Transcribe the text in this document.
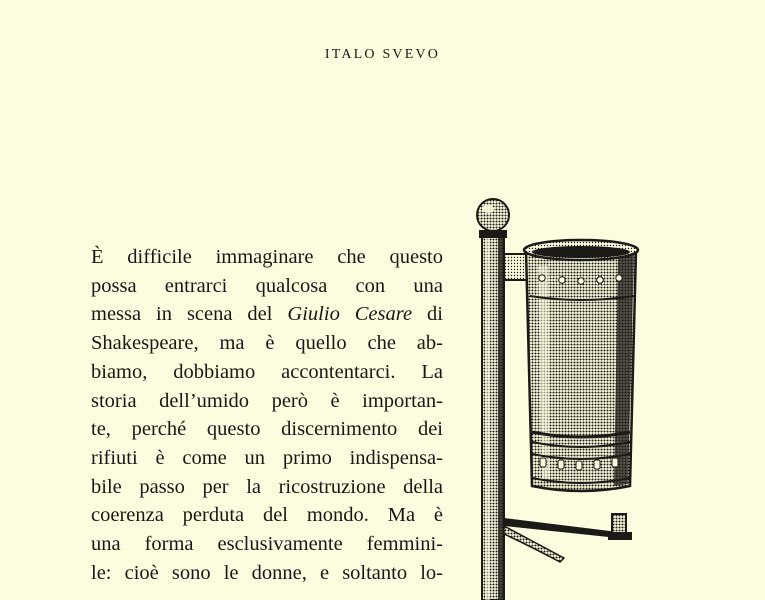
ITALO SVEVO
È difficile immaginare che questo
possa entrarci qualcosa con una
messa in scena del Giulio Cesare di
Shakespeare, ma è quello che ab-
biamo, dobbiamo accontentarci. La
storia dell’umido però è importan-
te, perché questo discernimento dei
rifiuti è come un primo indispensa-
bile passo per la ricostruzione della
coerenza perduta del mondo. Ma è
una forma esclusivamente femmini-
le: cioè sono le donne, e soltanto lo-
